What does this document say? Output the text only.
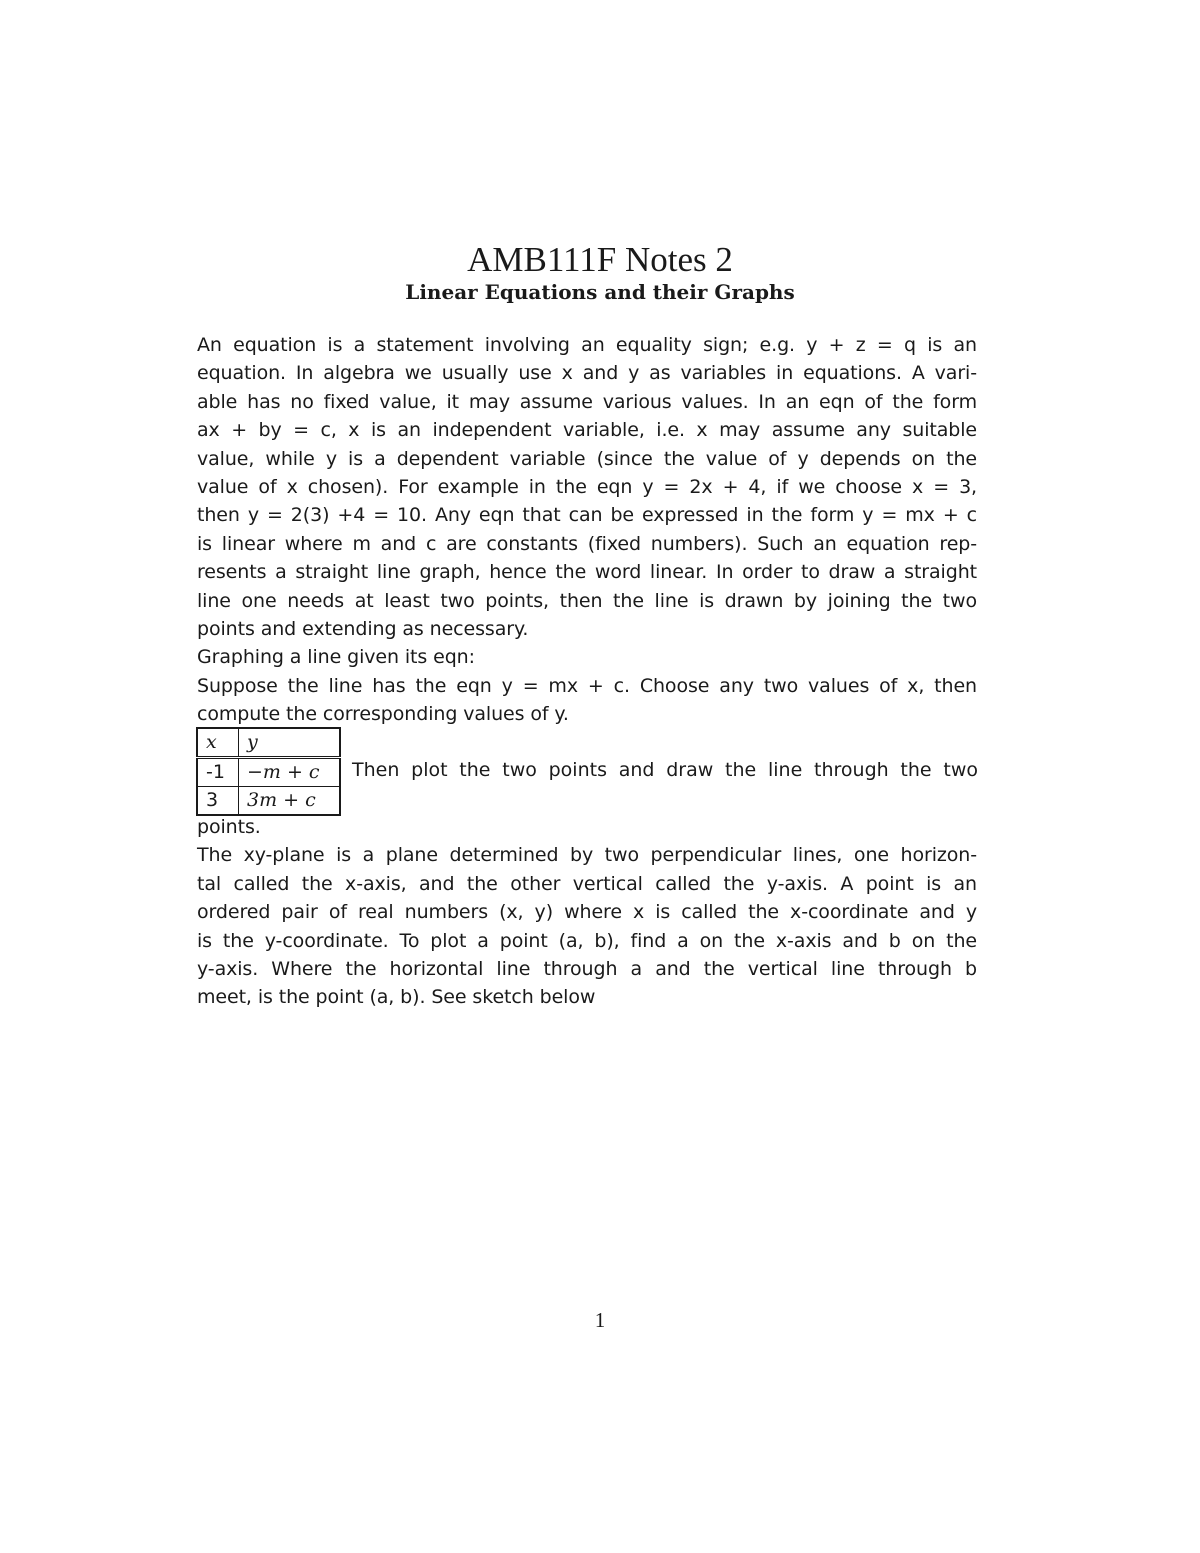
AMB111F Notes 2
Linear Equations and their Graphs
An equation is a statement involving an equality sign; e.g. y + z = q is an
equation. In algebra we usually use x and y as variables in equations. A vari-
able has no fixed value, it may assume various values. In an eqn of the form
ax + by = c, x is an independent variable, i.e. x may assume any suitable
value, while y is a dependent variable (since the value of y depends on the
value of x chosen). For example in the eqn y = 2x + 4, if we choose x = 3,
then y = 2(3) +4 = 10. Any eqn that can be expressed in the form y = mx + c
is linear where m and c are constants (fixed numbers). Such an equation rep-
resents a straight line graph, hence the word linear. In order to draw a straight
line one needs at least two points, then the line is drawn by joining the two
points and extending as necessary.
Graphing a line given its eqn:
Suppose the line has the eqn y = mx + c. Choose any two values of x, then
compute the corresponding values of y.
x	y
-1	−m + c
3	3m + c
Then plot the two points and draw the line through the two
points.
The xy-plane is a plane determined by two perpendicular lines, one horizon-
tal called the x-axis, and the other vertical called the y-axis. A point is an
ordered pair of real numbers (x, y) where x is called the x-coordinate and y
is the y-coordinate. To plot a point (a, b), find a on the x-axis and b on the
y-axis. Where the horizontal line through a and the vertical line through b
meet, is the point (a, b). See sketch below
1
